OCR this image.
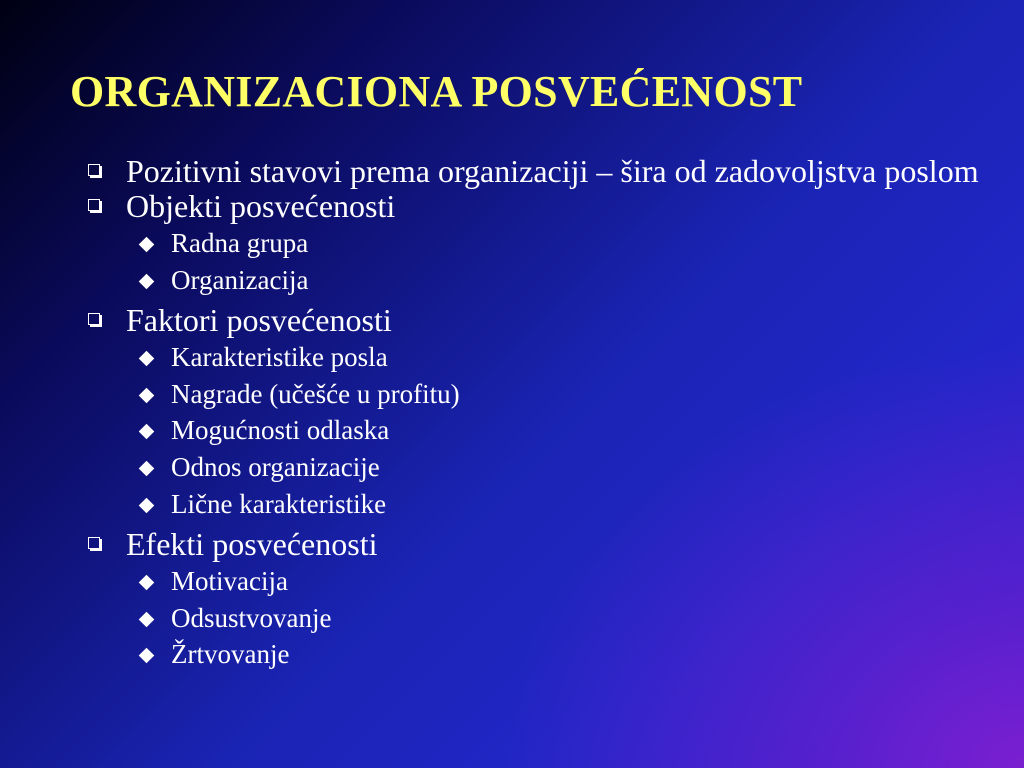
ORGANIZACIONA POSVEĆENOST
Pozitivni stavovi prema organizaciji – šira od zadovoljstva poslom
Objekti posvećenosti
Radna grupa
Organizacija
Faktori posvećenosti
Karakteristike posla
Nagrade (učešće u profitu)
Mogućnosti odlaska
Odnos organizacije
Lične karakteristike
Efekti posvećenosti
Motivacija
Odsustvovanje
Žrtvovanje
